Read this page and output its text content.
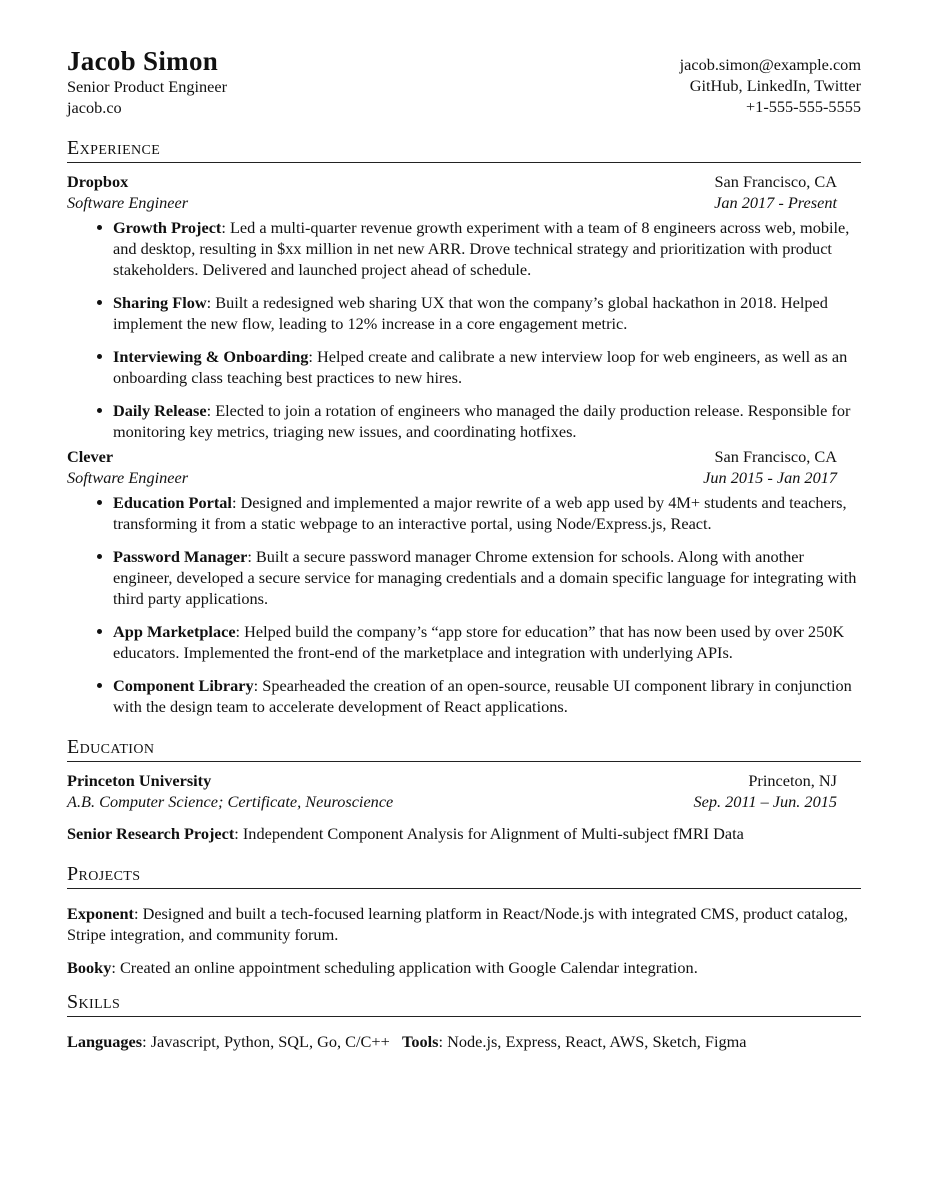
Jacob Simon
Senior Product Engineer
jacob.co
jacob.simon@example.com
GitHub, LinkedIn, Twitter
+1-555-555-5555
Experience
Dropbox	San Francisco, CA
Software Engineer	Jan 2017 - Present
Growth Project: Led a multi-quarter revenue growth experiment with a team of 8 engineers across web, mobile, and desktop, resulting in $xx million in net new ARR. Drove technical strategy and prioritization with product stakeholders. Delivered and launched project ahead of schedule.
Sharing Flow: Built a redesigned web sharing UX that won the company’s global hackathon in 2018. Helped implement the new flow, leading to 12% increase in a core engagement metric.
Interviewing & Onboarding: Helped create and calibrate a new interview loop for web engineers, as well as an onboarding class teaching best practices to new hires.
Daily Release: Elected to join a rotation of engineers who managed the daily production release. Responsible for monitoring key metrics, triaging new issues, and coordinating hotfixes.
Clever	San Francisco, CA
Software Engineer	Jun 2015 - Jan 2017
Education Portal: Designed and implemented a major rewrite of a web app used by 4M+ students and teachers, transforming it from a static webpage to an interactive portal, using Node/Express.js, React.
Password Manager: Built a secure password manager Chrome extension for schools. Along with another engineer, developed a secure service for managing credentials and a domain specific language for integrating with third party applications.
App Marketplace: Helped build the company’s “app store for education” that has now been used by over 250K educators. Implemented the front-end of the marketplace and integration with underlying APIs.
Component Library: Spearheaded the creation of an open-source, reusable UI component library in conjunction with the design team to accelerate development of React applications.
Education
Princeton University	Princeton, NJ
A.B. Computer Science; Certificate, Neuroscience	Sep. 2011 – Jun. 2015
Senior Research Project: Independent Component Analysis for Alignment of Multi-subject fMRI Data
Projects

Exponent: Designed and built a tech-focused learning platform in React/Node.js with integrated CMS, product catalog, Stripe integration, and community forum.

Booky: Created an online appointment scheduling application with Google Calendar integration.

Skills
Languages: Javascript, Python, SQL, Go, C/C++ Tools: Node.js, Express, React, AWS, Sketch, Figma
